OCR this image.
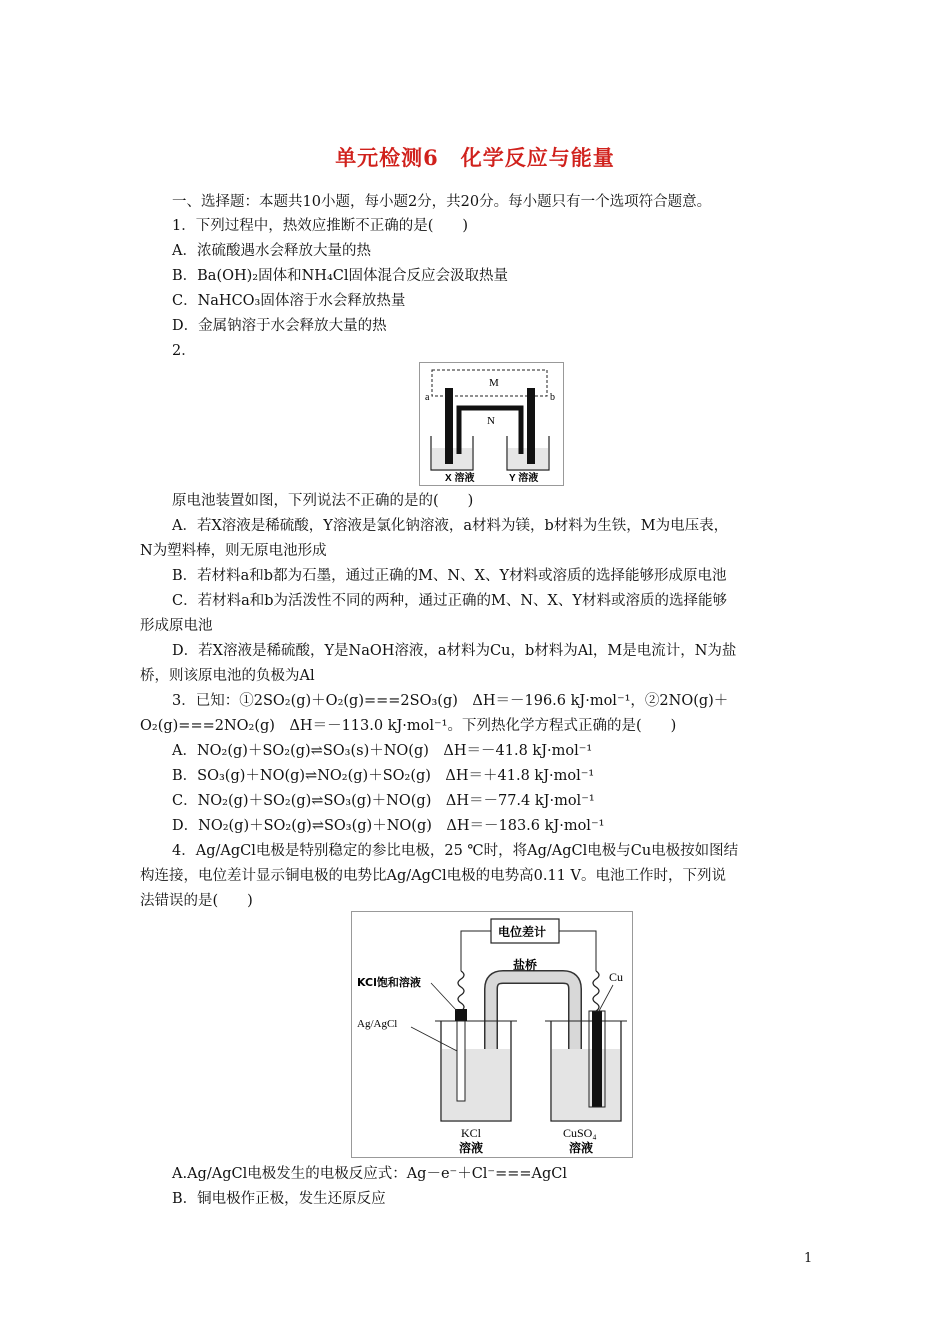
单元检测6　化学反应与能量
一、选择题：本题共10小题，每小题2分，共20分。每小题只有一个选项符合题意。
1．下列过程中，热效应推断不正确的是(　　)
A．浓硫酸遇水会释放大量的热
B．Ba(OH)₂固体和NH₄Cl固体混合反应会汲取热量
C．NaHCO₃固体溶于水会释放热量
D．金属钠溶于水会释放大量的热
2．
M
N
a	b
X 溶液	Y 溶液
原电池装置如图，下列说法不正确的是的(　　)
A．若X溶液是稀硫酸，Y溶液是氯化钠溶液，a材料为镁，b材料为生铁，M为电压表，
N为塑料棒，则无原电池形成
B．若材料a和b都为石墨，通过正确的M、N、X、Y材料或溶质的选择能够形成原电池
C．若材料a和b为活泼性不同的两种，通过正确的M、N、X、Y材料或溶质的选择能够
形成原电池
D．若X溶液是稀硫酸，Y是NaOH溶液，a材料为Cu，b材料为Al，M是电流计，N为盐
桥，则该原电池的负极为Al
3．已知：①2SO₂(g)＋O₂(g)===2SO₃(g)　ΔH＝－196.6 kJ·mol⁻¹，②2NO(g)＋
O₂(g)===2NO₂(g)　ΔH＝－113.0 kJ·mol⁻¹。下列热化学方程式正确的是(　　)
A．NO₂(g)＋SO₂(g)⇌SO₃(s)＋NO(g)　ΔH＝－41.8 kJ·mol⁻¹
B．SO₃(g)＋NO(g)⇌NO₂(g)＋SO₂(g)　ΔH＝＋41.8 kJ·mol⁻¹
C．NO₂(g)＋SO₂(g)⇌SO₃(g)＋NO(g)　ΔH＝－77.4 kJ·mol⁻¹
D．NO₂(g)＋SO₂(g)⇌SO₃(g)＋NO(g)　ΔH＝－183.6 kJ·mol⁻¹
4．Ag/AgCl电极是特别稳定的参比电极，25 ℃时，将Ag/AgCl电极与Cu电极按如图结
构连接，电位差计显示铜电极的电势比Ag/AgCl电极的电势高0.11 V。电池工作时，下列说
法错误的是(　　)
电位差计
盐桥
KCl饱和溶液
Ag/AgCl
Cu
KCl
溶液
CuSO₄
溶液
A.Ag/AgCl电极发生的电极反应式：Ag－e⁻＋Cl⁻===AgCl
B．铜电极作正极，发生还原反应
1
